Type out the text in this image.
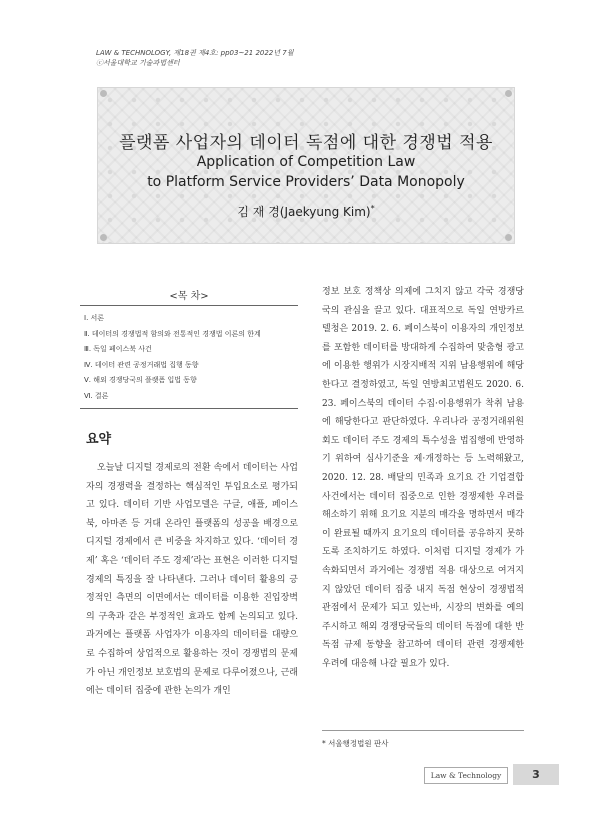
LAW & TECHNOLOGY, 제18권 제4호: pp03~21 2022년 7월
ⓒ서울대학교 기술과법센터
플랫폼 사업자의 데이터 독점에 대한 경쟁법 적용
Application of Competition Law
to Platform Service Providers’ Data Monopoly
김 재 경(Jaekyung Kim)*
<목 차>
Ⅰ. 서론
Ⅱ. 데이터의 경쟁법적 함의와 전통적인 경쟁법 이론의 한계
Ⅲ. 독일 페이스북 사건
Ⅳ. 데이터 관련 공정거래법 집행 동향
Ⅴ. 해외 경쟁당국의 플랫폼 입법 동향
Ⅵ. 결론
요약
오늘날 디지털 경제로의 전환 속에서 데이터는 사업자의 경쟁력을 결정하는 핵심적인 투입요소로 평가되고 있다. 데이터 기반 사업모델은 구글, 애플, 페이스북, 아마존 등 거대 온라인 플랫폼의 성공을 배경으로 디지털 경제에서 큰 비중을 차지하고 있다. ‘데이터 경제’ 혹은 ‘데이터 주도 경제’라는 표현은 이러한 디지털 경제의 특징을 잘 나타낸다. 그러나 데이터 활용의 긍정적인 측면의 이면에서는 데이터를 이용한 진입장벽의 구축과 같은 부정적인 효과도 함께 논의되고 있다. 과거에는 플랫폼 사업자가 이용자의 데이터를 대량으로 수집하여 상업적으로 활용하는 것이 경쟁법의 문제가 아닌 개인정보 보호법의 문제로 다루어졌으나, 근래에는 데이터 집중에 관한 논의가 개인
정보 보호 정책상 의제에 그치지 않고 각국 경쟁당국의 관심을 끌고 있다. 대표적으로 독일 연방카르텔청은 2019. 2. 6. 페이스북이 이용자의 개인정보를 포함한 데이터를 방대하게 수집하여 맞춤형 광고에 이용한 행위가 시장지배적 지위 남용행위에 해당한다고 결정하였고, 독일 연방최고법원도 2020. 6. 23. 페이스북의 데이터 수집·이용행위가 착취 남용에 해당한다고 판단하였다. 우리나라 공정거래위원회도 데이터 주도 경제의 특수성을 법집행에 반영하기 위하여 심사기준을 제·개정하는 등 노력해왔고, 2020. 12. 28. 배달의 민족과 요기요 간 기업결합 사건에서는 데이터 집중으로 인한 경쟁제한 우려를 해소하기 위해 요기요 지분의 매각을 명하면서 매각이 완료될 때까지 요기요의 데이터를 공유하지 못하도록 조치하기도 하였다. 이처럼 디지털 경제가 가속화되면서 과거에는 경쟁법 적용 대상으로 여겨지지 않았던 데이터 집중 내지 독점 현상이 경쟁법적 관점에서 문제가 되고 있는바, 시장의 변화를 예의주시하고 해외 경쟁당국들의 데이터 독점에 대한 반독점 규제 동향을 참고하여 데이터 관련 경쟁제한 우려에 대응해 나갈 필요가 있다.
* 서울행정법원 판사
Law & Technology	3
